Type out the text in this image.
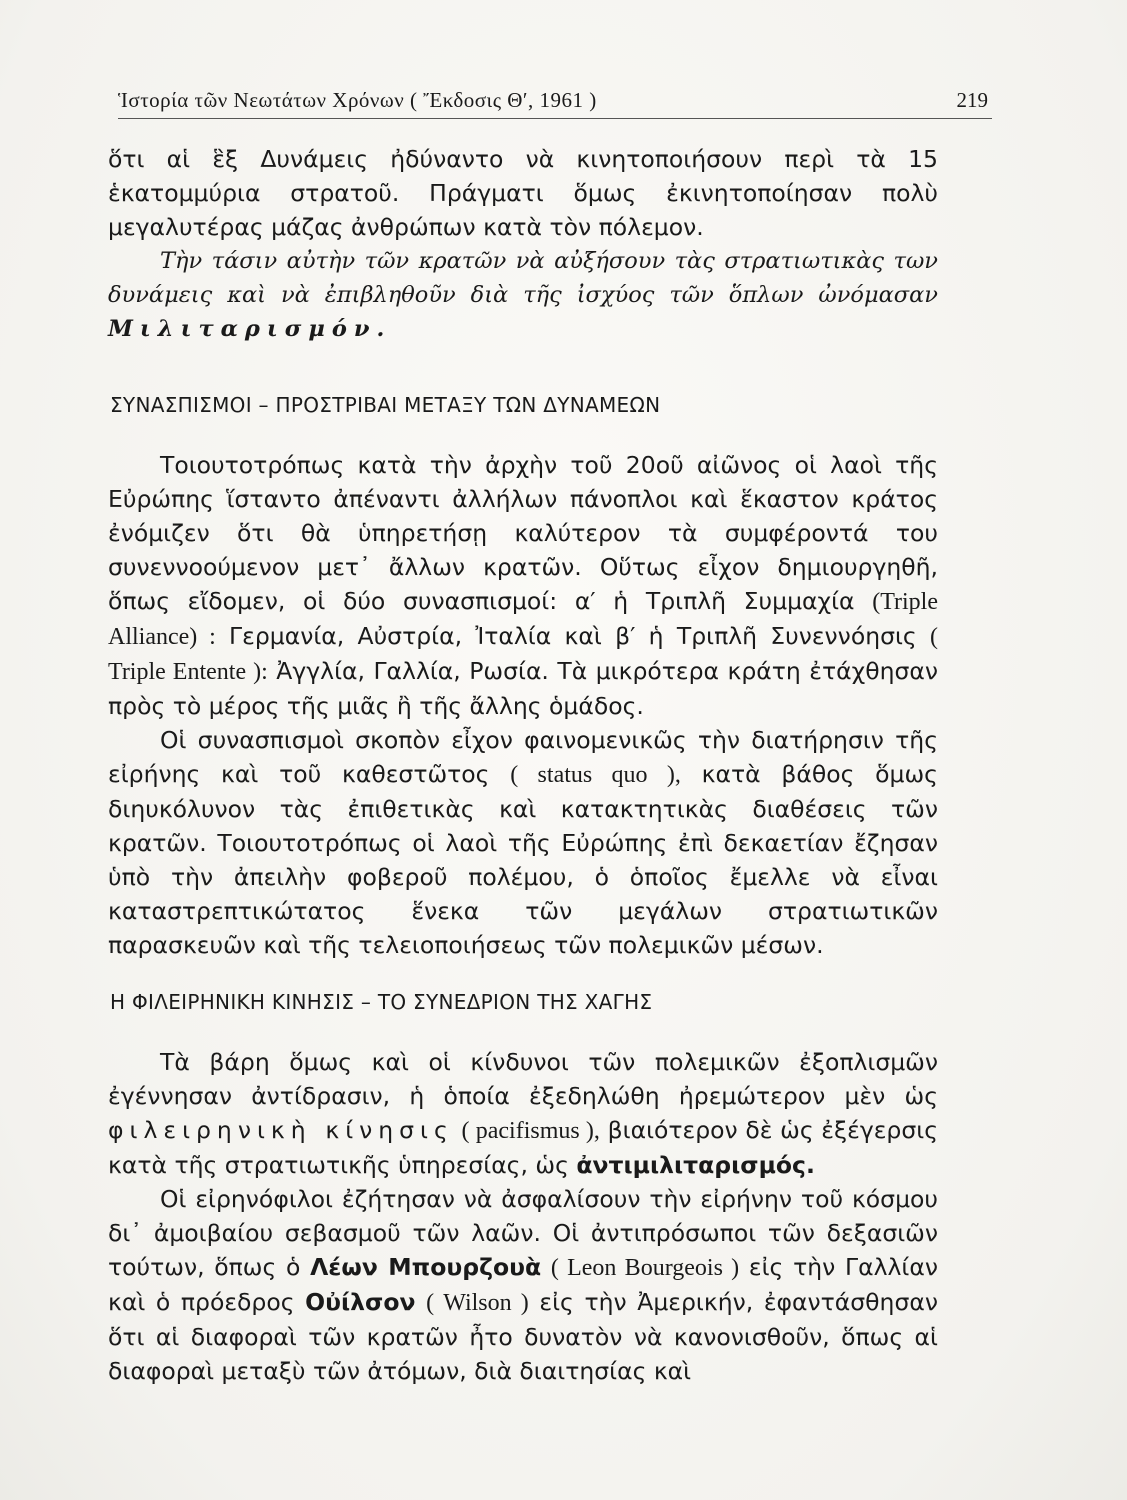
Ἱστορία τῶν Νεωτάτων Χρόνων ( Ἔκδοσις Θ′, 1961 )	219

ὅτι αἱ ἓξ Δυνάμεις ἠδύναντο νὰ κινητοποιήσουν περὶ τὰ 15 ἑκατομμύρια στρατοῦ. Πράγματι ὅμως ἐκινητοποίησαν πολὺ μεγαλυτέρας μάζας ἀνθρώπων κατὰ τὸν πόλεμον.

Τὴν τάσιν αὐτὴν τῶν κρατῶν νὰ αὐξήσουν τὰς στρατιωτικὰς των δυνάμεις καὶ νὰ ἐπιβληθοῦν διὰ τῆς ἰσχύος τῶν ὅπλων ὠνόμασαν Μιλιταρισμόν.

ΣΥΝΑΣΠΙΣΜΟΙ – ΠΡΟΣΤΡΙΒΑΙ ΜΕΤΑΞΥ ΤΩΝ ΔΥΝΑΜΕΩΝ

Τοιουτοτρόπως κατὰ τὴν ἀρχὴν τοῦ 20οῦ αἰῶνος οἱ λαοὶ τῆς Εὐρώπης ἵσταντο ἀπέναντι ἀλλήλων πάνοπλοι καὶ ἕκαστον κράτος ἐνόμιζεν ὅτι θὰ ὑπηρετήσῃ καλύτερον τὰ συμφέροντά του συνεννοούμενον μετ᾿ ἄλλων κρατῶν. Οὕτως εἶχον δημιουργηθῆ, ὅπως εἴδομεν, οἱ δύο συνασπισμοί: α′ ἡ Τριπλῆ Συμμαχία (Triple Alliance) : Γερμανία, Αὐστρία, Ἰταλία καὶ β′ ἡ Τριπλῆ Συνεννόησις ( Triple Entente ): Ἀγγλία, Γαλλία, Ρωσία. Τὰ μικρότερα κράτη ἐτάχθησαν πρὸς τὸ μέρος τῆς μιᾶς ἢ τῆς ἄλλης ὁμάδος.

Οἱ συνασπισμοὶ σκοπὸν εἶχον φαινομενικῶς τὴν διατήρησιν τῆς εἰρήνης καὶ τοῦ καθεστῶτος ( status quo ), κατὰ βάθος ὅμως διηυκόλυνον τὰς ἐπιθετικὰς καὶ κατακτητικὰς διαθέσεις τῶν κρατῶν. Τοιουτοτρόπως οἱ λαοὶ τῆς Εὐρώπης ἐπὶ δεκαετίαν ἔζησαν ὑπὸ τὴν ἀπειλὴν φοβεροῦ πολέμου, ὁ ὁποῖος ἔμελλε νὰ εἶναι καταστρεπτικώτατος ἕνεκα τῶν μεγάλων στρατιωτικῶν παρασκευῶν καὶ τῆς τελειοποιήσεως τῶν πολεμικῶν μέσων.

Η ΦΙΛΕΙΡΗΝΙΚΗ ΚΙΝΗΣΙΣ – ΤΟ ΣΥΝΕΔΡΙΟΝ ΤΗΣ ΧΑΓΗΣ

Τὰ βάρη ὅμως καὶ οἱ κίνδυνοι τῶν πολεμικῶν ἐξοπλισμῶν ἐγέννησαν ἀντίδρασιν, ἡ ὁποία ἐξεδηλώθη ἠρεμώτερον μὲν ὡς φιλειρηνικὴ κίνησις ( pacifismus ), βιαιότερον δὲ ὡς ἐξέγερσις κατὰ τῆς στρατιωτικῆς ὑπηρεσίας, ὡς ἀντιμιλιταρισμός.

Οἱ εἰρηνόφιλοι ἐζήτησαν νὰ ἀσφαλίσουν τὴν εἰρήνην τοῦ κόσμου δι᾿ ἀμοιβαίου σεβασμοῦ τῶν λαῶν. Οἱ ἀντιπρόσωποι τῶν δεξασιῶν τούτων, ὅπως ὁ Λέων Μπουρζουὰ ( Leon Bourgeois ) εἰς τὴν Γαλλίαν καὶ ὁ πρόεδρος Οὐίλσον ( Wilson ) εἰς τὴν Ἀμερικήν, ἐφαντάσθησαν ὅτι αἱ διαφοραὶ τῶν κρατῶν ἦτο δυνατὸν νὰ κανονισθοῦν, ὅπως αἱ διαφοραὶ μεταξὺ τῶν ἀτόμων, διὰ διαιτησίας καὶ
